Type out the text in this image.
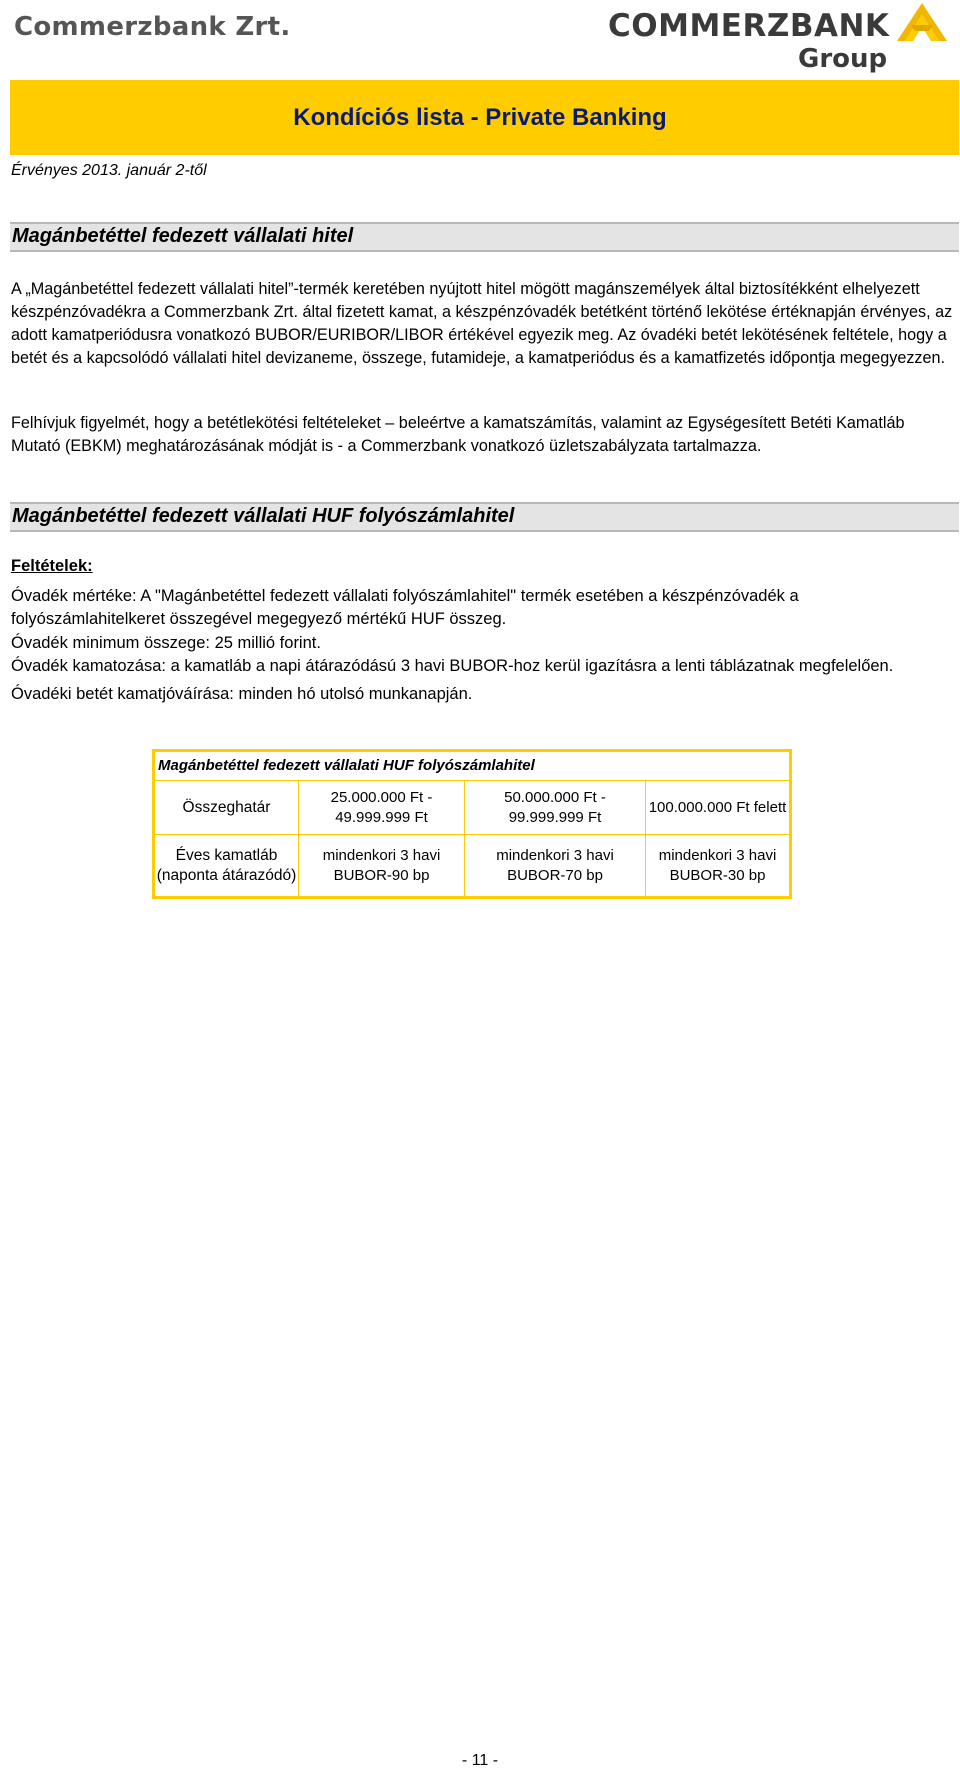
Commerzbank Zrt.	COMMERZBANK
Group
Kondíciós lista - Private Banking
Érvényes 2013. január 2-től
Magánbetéttel fedezett vállalati hitel
A „Magánbetéttel fedezett vállalati hitel”-termék keretében nyújtott hitel mögött magánszemélyek által biztosítékként elhelyezett készpénzóvadékra a Commerzbank Zrt. által fizetett kamat, a készpénzóvadék betétként történő lekötése értéknapján érvényes, az adott kamatperiódusra vonatkozó BUBOR/EURIBOR/LIBOR értékével egyezik meg. Az óvadéki betét lekötésének feltétele, hogy a betét és a kapcsolódó vállalati hitel devizaneme, összege, futamideje, a kamatperiódus és a kamatfizetés időpontja megegyezzen.
Felhívjuk figyelmét, hogy a betétlekötési feltételeket – beleértve a kamatszámítás, valamint az Egységesített Betéti Kamatláb Mutató (EBKM) meghatározásának módját is - a Commerzbank vonatkozó üzletszabályzata tartalmazza.
Magánbetéttel fedezett vállalati HUF folyószámlahitel
Feltételek:
Óvadék mértéke: A "Magánbetéttel fedezett vállalati folyószámlahitel" termék esetében a készpénzóvadék a folyószámlahitelkeret összegével megegyező mértékű HUF összeg.
Óvadék minimum összege: 25 millió forint.
Óvadék kamatozása: a kamatláb a napi átárazódású 3 havi BUBOR-hoz kerül igazításra a lenti táblázatnak megfelelően.
Óvadéki betét kamatjóváírása: minden hó utolsó munkanapján.
Magánbetéttel fedezett vállalati HUF folyószámlahitel			
Összeghatár	25.000.000 Ft - 49.999.999 Ft	50.000.000 Ft - 99.999.999 Ft	100.000.000 Ft felett
Éves kamatláb (naponta átárazódó)	mindenkori 3 havi BUBOR-90 bp	mindenkori 3 havi BUBOR-70 bp	mindenkori 3 havi BUBOR-30 bp
- 11 -
